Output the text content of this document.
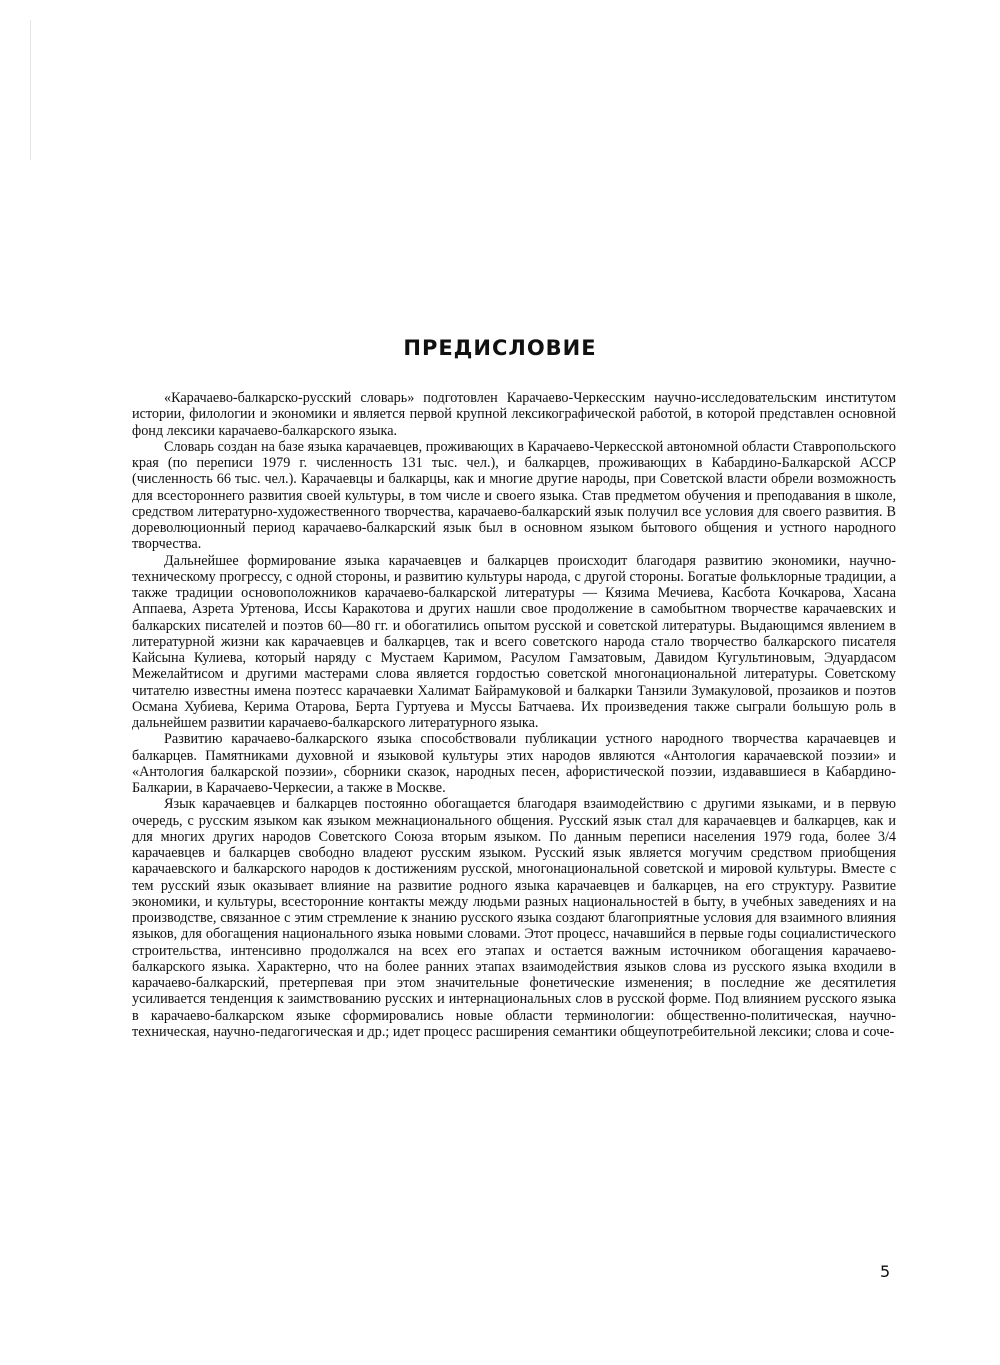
ПРЕДИСЛОВИЕ

«Карачаево-балкарско-русский словарь» подготовлен Карачаево-Черкесским научно-исследовательским институтом истории, филологии и экономики и является первой крупной лексикографической работой, в которой представлен основной фонд лексики карачаево-балкарского языка.

Словарь создан на базе языка карачаевцев, проживающих в Карачаево-Черкесской автономной области Ставропольского края (по переписи 1979 г. численность 131 тыс. чел.), и балкарцев, проживающих в Кабардино-Балкарской АССР (численность 66 тыс. чел.). Карачаевцы и балкарцы, как и многие другие народы, при Советской власти обрели возможность для всестороннего развития своей культуры, в том числе и своего языка. Став предметом обучения и преподавания в школе, средством литературно-художественного творчества, карачаево-балкарский язык получил все условия для своего развития. В дореволюционный период карачаево-балкарский язык был в основном языком бытового общения и устного народного творчества.

Дальнейшее формирование языка карачаевцев и балкарцев происходит благодаря развитию экономики, научно-техническому прогрессу, с одной стороны, и развитию культуры народа, с другой стороны. Богатые фольклорные традиции, а также традиции основоположников карачаево-балкарской литературы — Кязима Мечиева, Касбота Кочкарова, Хасана Аппаева, Азрета Уртенова, Иссы Каракотова и других нашли свое продолжение в самобытном творчестве карачаевских и балкарских писателей и поэтов 60—80 гг. и обогатились опытом русской и советской литературы. Выдающимся явлением в литературной жизни как карачаевцев и балкарцев, так и всего советского народа стало творчество балкарского писателя Кайсына Кулиева, который наряду с Мустаем Каримом, Расулом Гамзатовым, Давидом Кугультиновым, Эдуардасом Межелайтисом и другими мастерами слова является гордостью советской многонациональной литературы. Советскому читателю известны имена поэтесс карачаевки Халимат Байрамуковой и балкарки Танзили Зумакуловой, прозаиков и поэтов Османа Хубиева, Керима Отарова, Берта Гуртуева и Муссы Батчаева. Их произведения также сыграли большую роль в дальнейшем развитии карачаево-балкарского литературного языка.

Развитию карачаево-балкарского языка способствовали публикации устного народного творчества карачаевцев и балкарцев. Памятниками духовной и языковой культуры этих народов являются «Антология карачаевской поэзии» и «Антология балкарской поэзии», сборники сказок, народных песен, афористической поэзии, издававшиеся в Кабардино-Балкарии, в Карачаево-Черкесии, а также в Москве.

Язык карачаевцев и балкарцев постоянно обогащается благодаря взаимодействию с другими языками, и в первую очередь, с русским языком как языком межнационального общения. Русский язык стал для карачаевцев и балкарцев, как и для многих других народов Советского Союза вторым языком. По данным переписи населения 1979 года, более 3/4 карачаевцев и балкарцев свободно владеют русским языком. Русский язык является могучим средством приобщения карачаевского и балкарского народов к достижениям русской, многонациональной советской и мировой культуры. Вместе с тем русский язык оказывает влияние на развитие родного языка карачаевцев и балкарцев, на его структуру. Развитие экономики, и культуры, всесторонние контакты между людьми разных национальностей в быту, в учебных заведениях и на производстве, связанное с этим стремление к знанию русского языка создают благоприятные условия для взаимного влияния языков, для обогащения национального языка новыми словами. Этот процесс, начавшийся в первые годы социалистического строительства, интенсивно продолжался на всех его этапах и остается важным источником обогащения карачаево-балкарского языка. Характерно, что на более ранних этапах взаимодействия языков слова из русского языка входили в карачаево-балкарский, претерпевая при этом значительные фонетические изменения; в последние же десятилетия усиливается тенденция к заимствованию русских и интернациональных слов в русской форме. Под влиянием русского языка в карачаево-балкарском языке сформировались новые области терминологии: общественно-политическая, научно-техническая, научно-педагогическая и др.; идет процесс расширения семантики общеупотребительной лексики; слова и соче-

5
